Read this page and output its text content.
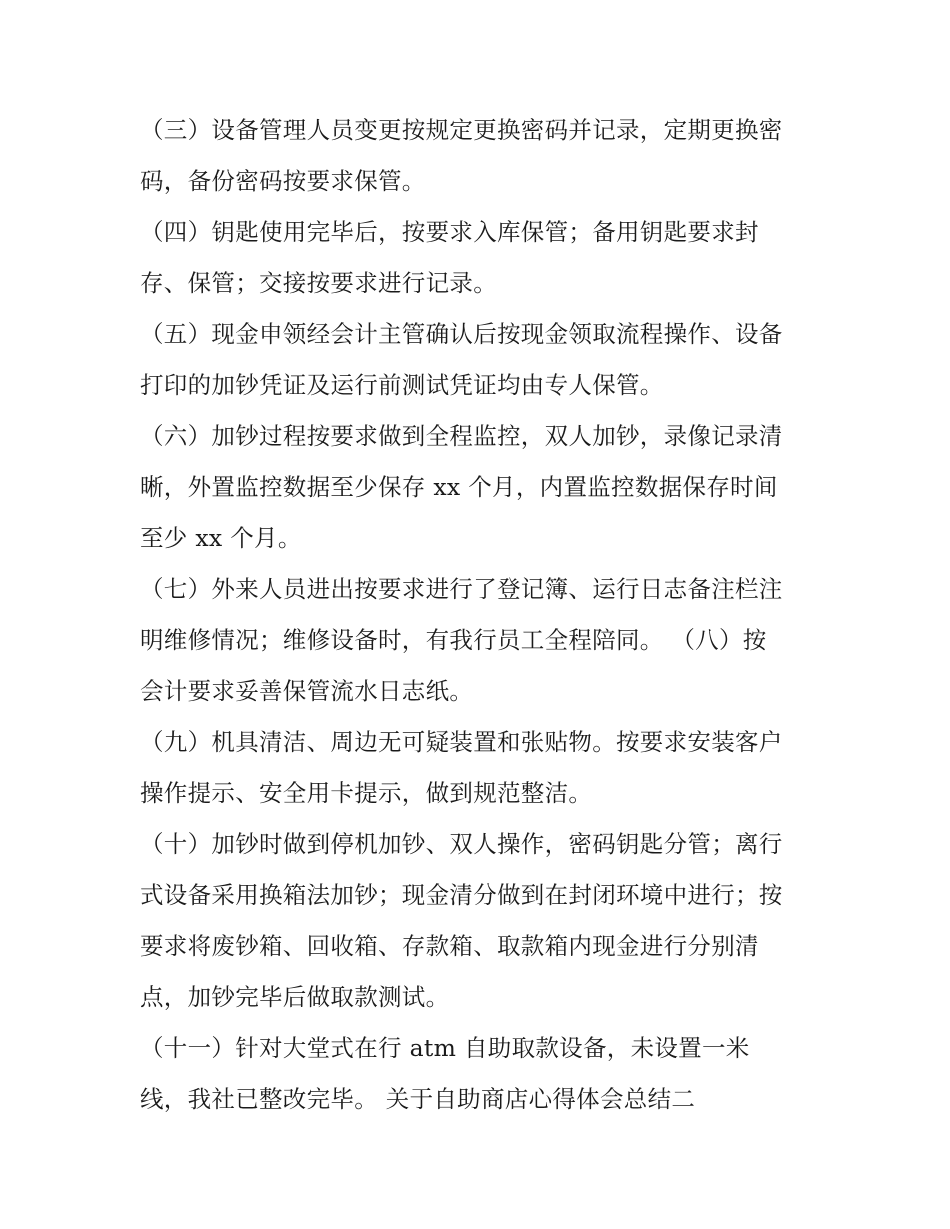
（三）设备管理人员变更按规定更换密码并记录，定期更换密
码，备份密码按要求保管。
（四）钥匙使用完毕后，按要求入库保管；备用钥匙要求封
存、保管；交接按要求进行记录。
（五）现金申领经会计主管确认后按现金领取流程操作、设备
打印的加钞凭证及运行前测试凭证均由专人保管。
（六）加钞过程按要求做到全程监控，双人加钞，录像记录清
晰，外置监控数据至少保存 xx 个月，内置监控数据保存时间
至少 xx 个月。
（七）外来人员进出按要求进行了登记簿、运行日志备注栏注
明维修情况；维修设备时，有我行员工全程陪同。 （八）按
会计要求妥善保管流水日志纸。
（九）机具清洁、周边无可疑装置和张贴物。按要求安装客户
操作提示、安全用卡提示，做到规范整洁。
（十）加钞时做到停机加钞、双人操作，密码钥匙分管；离行
式设备采用换箱法加钞；现金清分做到在封闭环境中进行；按
要求将废钞箱、回收箱、存款箱、取款箱内现金进行分别清
点，加钞完毕后做取款测试。
（十一）针对大堂式在行 atm 自助取款设备，未设置一米
线，我社已整改完毕。 关于自助商店心得体会总结二
